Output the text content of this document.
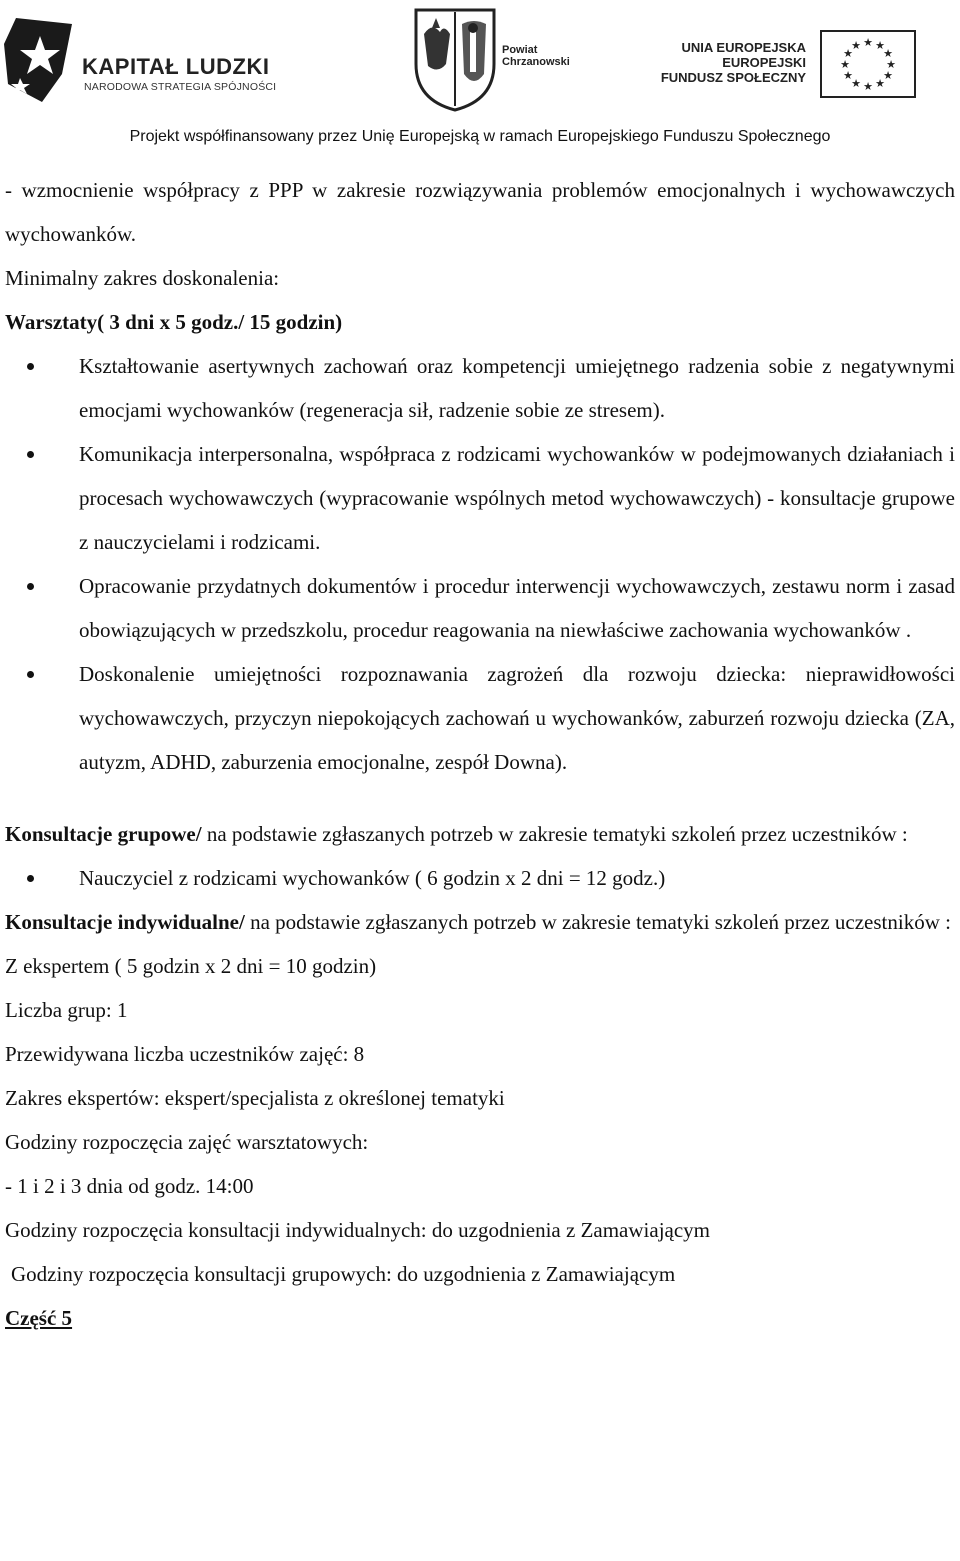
KAPITAŁ LUDZKI
NARODOWA STRATEGIA SPÓJNOŚCI
Powiat
Chrzanowski
UNIA EUROPEJSKA
EUROPEJSKI
FUNDUSZ SPOŁECZNY
★ ★
★
★
★
★
★
★
★
★
★
★
Projekt współfinansowany przez Unię Europejską w ramach Europejskiego Funduszu Społecznego

- wzmocnienie współpracy z PPP w zakresie rozwiązywania problemów emocjonalnych i wychowawczych wychowanków.

Minimalny zakres doskonalenia:

Warsztaty( 3 dni x 5 godz./ 15 godzin)

Kształtowanie asertywnych zachowań oraz kompetencji umiejętnego radzenia sobie z negatywnymi emocjami wychowanków (regeneracja sił, radzenie sobie ze stresem).
Komunikacja interpersonalna, współpraca z rodzicami wychowanków w podejmowanych działaniach i procesach wychowawczych (wypracowanie wspólnych metod wychowawczych) - konsultacje grupowe z nauczycielami i rodzicami.
Opracowanie przydatnych dokumentów i procedur interwencji wychowawczych, zestawu norm i zasad obowiązujących w przedszkolu, procedur reagowania na niewłaściwe zachowania wychowanków .
Doskonalenie umiejętności rozpoznawania zagrożeń dla rozwoju dziecka: nieprawidłowości wychowawczych, przyczyn niepokojących zachowań u wychowanków, zaburzeń rozwoju dziecka (ZA, autyzm, ADHD, zaburzenia emocjonalne, zespół Downa).

Konsultacje grupowe/ na podstawie zgłaszanych potrzeb w zakresie tematyki szkoleń przez uczestników :

Nauczyciel z rodzicami wychowanków ( 6 godzin x 2 dni = 12 godz.)

Konsultacje indywidualne/ na podstawie zgłaszanych potrzeb w zakresie tematyki szkoleń przez uczestników :

Z ekspertem ( 5 godzin x 2 dni = 10 godzin)

Liczba grup: 1

Przewidywana liczba uczestników zajęć: 8

Zakres ekspertów: ekspert/specjalista z określonej tematyki

Godziny rozpoczęcia zajęć warsztatowych:

- 1 i 2 i 3 dnia od godz. 14:00

Godziny rozpoczęcia konsultacji indywidualnych: do uzgodnienia z Zamawiającym

Godziny rozpoczęcia konsultacji grupowych: do uzgodnienia z Zamawiającym

Część 5
